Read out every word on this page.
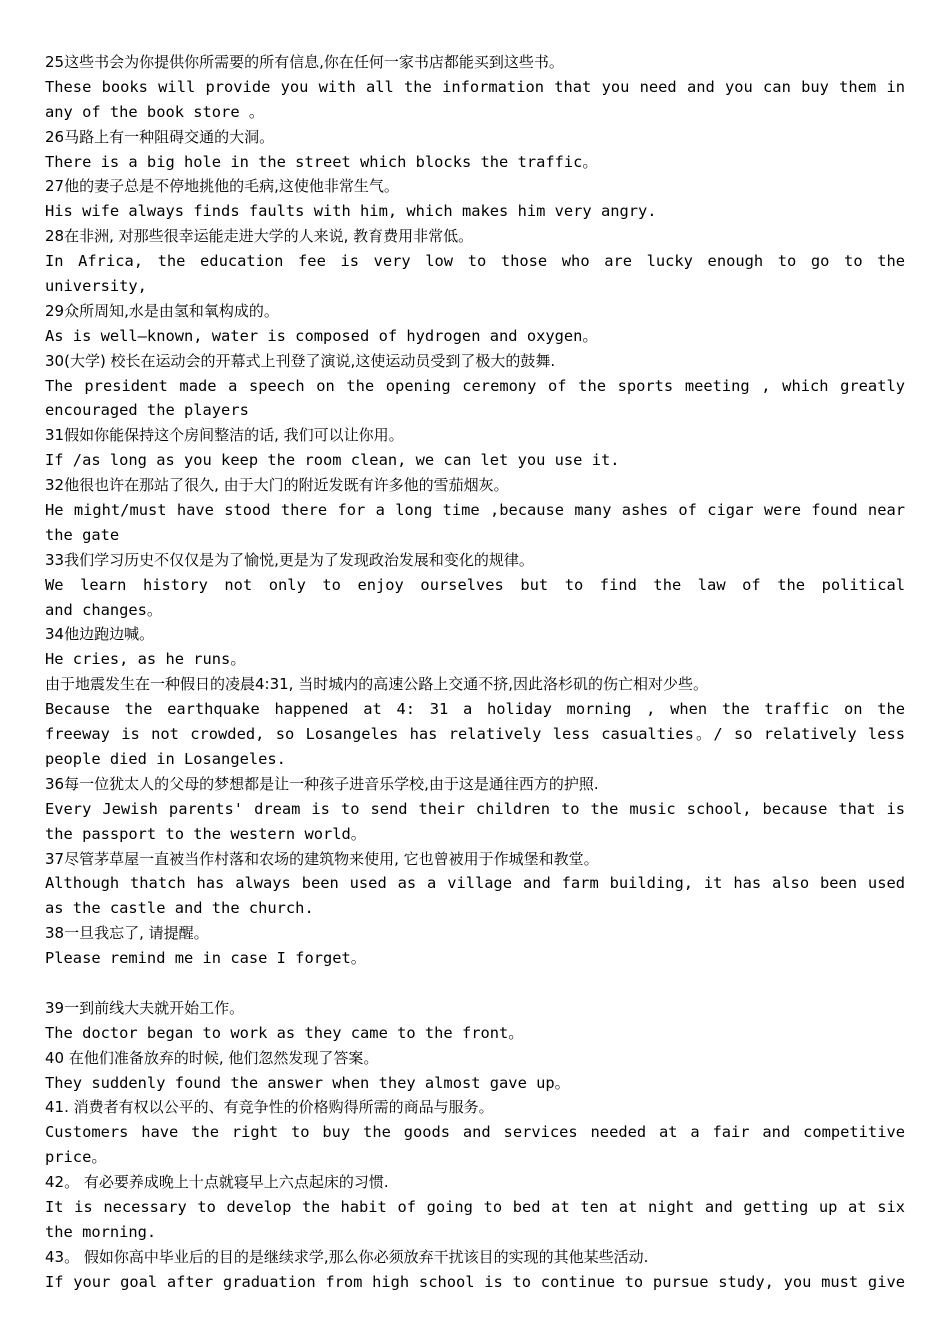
25这些书会为你提供你所需要的所有信息,你在任何一家书店都能买到这些书。
These books will provide you with all the information that you need and you can buy them in
any of the book store 。
26马路上有一种阻碍交通的大洞。
There is a big hole in the street which blocks the traffic。
27他的妻子总是不停地挑他的毛病,这使他非常生气。
His wife always finds faults with him, which makes him very angry.
28在非洲, 对那些很幸运能走进大学的人来说, 教育费用非常低。
In Africa, the education fee is very low to those who are lucky enough to go to the
university,
29众所周知,水是由氢和氧构成的。
As is well—known, water is composed of hydrogen and oxygen。
30(大学) 校长在运动会的开幕式上刊登了演说,这使运动员受到了极大的鼓舞.
The president made a speech on the opening ceremony of the sports meeting , which greatly
encouraged the players
31假如你能保持这个房间整洁的话, 我们可以让你用。
If /as long as you keep the room clean, we can let you use it.
32他很也许在那站了很久, 由于大门的附近发既有许多他的雪茄烟灰。
He might/must have stood there for a long time ,because many ashes of cigar were found near
the gate
33我们学习历史不仅仅是为了愉悦,更是为了发现政治发展和变化的规律。
We learn history not only to enjoy ourselves but to find the law of the political
and changes。
34他边跑边喊。
He cries, as he runs。
由于地震发生在一种假日的凌晨4:31, 当时城内的高速公路上交通不挤,因此洛杉矶的伤亡相对少些。
Because the earthquake happened at 4: 31 a holiday morning , when the traffic on the
freeway is not crowded, so Losangeles has relatively less casualties。/ so relatively less
people died in Losangeles.
36每一位犹太人的父母的梦想都是让一种孩子进音乐学校,由于这是通往西方的护照.
Every Jewish parents' dream is to send their children to the music school, because that is
the passport to the western world。
37尽管茅草屋一直被当作村落和农场的建筑物来使用, 它也曾被用于作城堡和教堂。
Although thatch has always been used as a village and farm building, it has also been used
as the castle and the church.
38一旦我忘了, 请提醒。
Please remind me in case I forget。
39一到前线大夫就开始工作。
The doctor began to work as they came to the front。
40 在他们准备放弃的时候, 他们忽然发现了答案。
They suddenly found the answer when they almost gave up。
41. 消费者有权以公平的、有竞争性的价格购得所需的商品与服务。
Customers have the right to buy the goods and services needed at a fair and competitive
price。
42。 有必要养成晚上十点就寝早上六点起床的习惯.
It is necessary to develop the habit of going to bed at ten at night and getting up at six
the morning.
43。 假如你高中毕业后的目的是继续求学,那么你必须放弃干扰该目的实现的其他某些活动.
If your goal after graduation from high school is to continue to pursue study, you must give
